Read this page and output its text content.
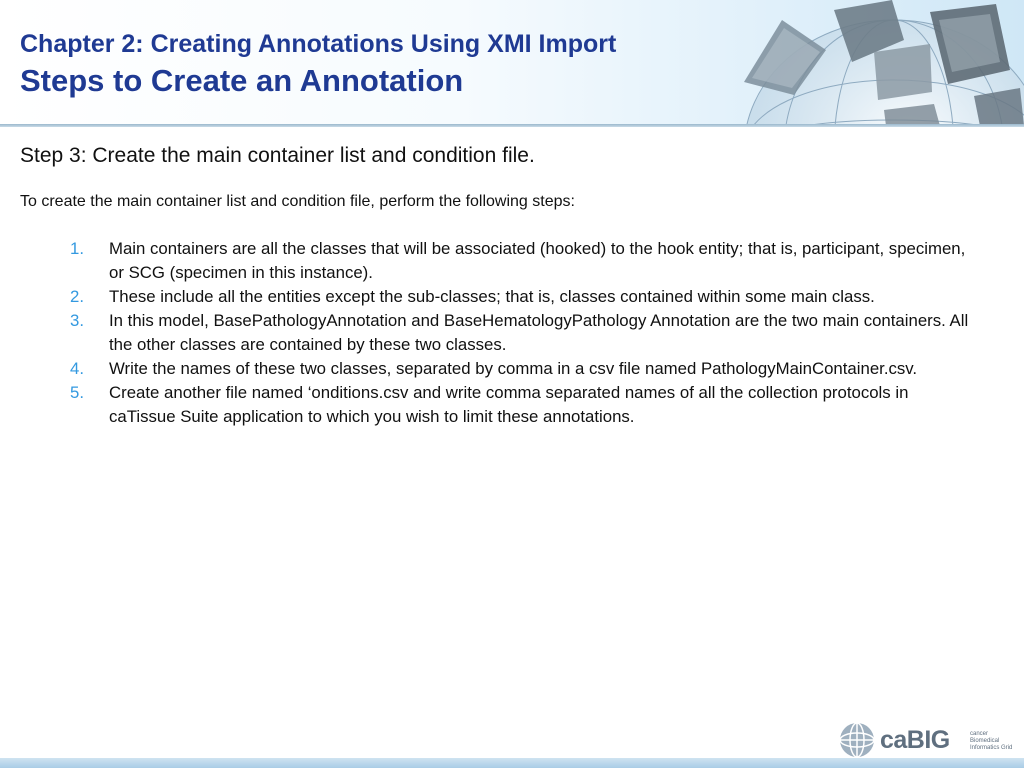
Chapter 2: Creating Annotations Using XMI Import
Steps to Create an Annotation
Step 3: Create the main container list and condition file.
To create the main container list and condition file, perform the following steps:
1. Main containers are all the classes that will be associated (hooked) to the hook entity; that is, participant, specimen, or SCG (specimen in this instance).
2. These include all the entities except the sub-classes; that is, classes contained within some main class.
3. In this model, BasePathologyAnnotation and BaseHematologyPathology Annotation are the two main containers. All the other classes are contained by these two classes.
4. Write the names of these two classes, separated by comma in a csv file named PathologyMainContainer.csv.
5. Create another file named ‘onditions.csv and write comma separated names of all the collection protocols in caTissue Suite application to which you wish to limit these annotations.
caBIG	cancer Biomedical Informatics Grid
